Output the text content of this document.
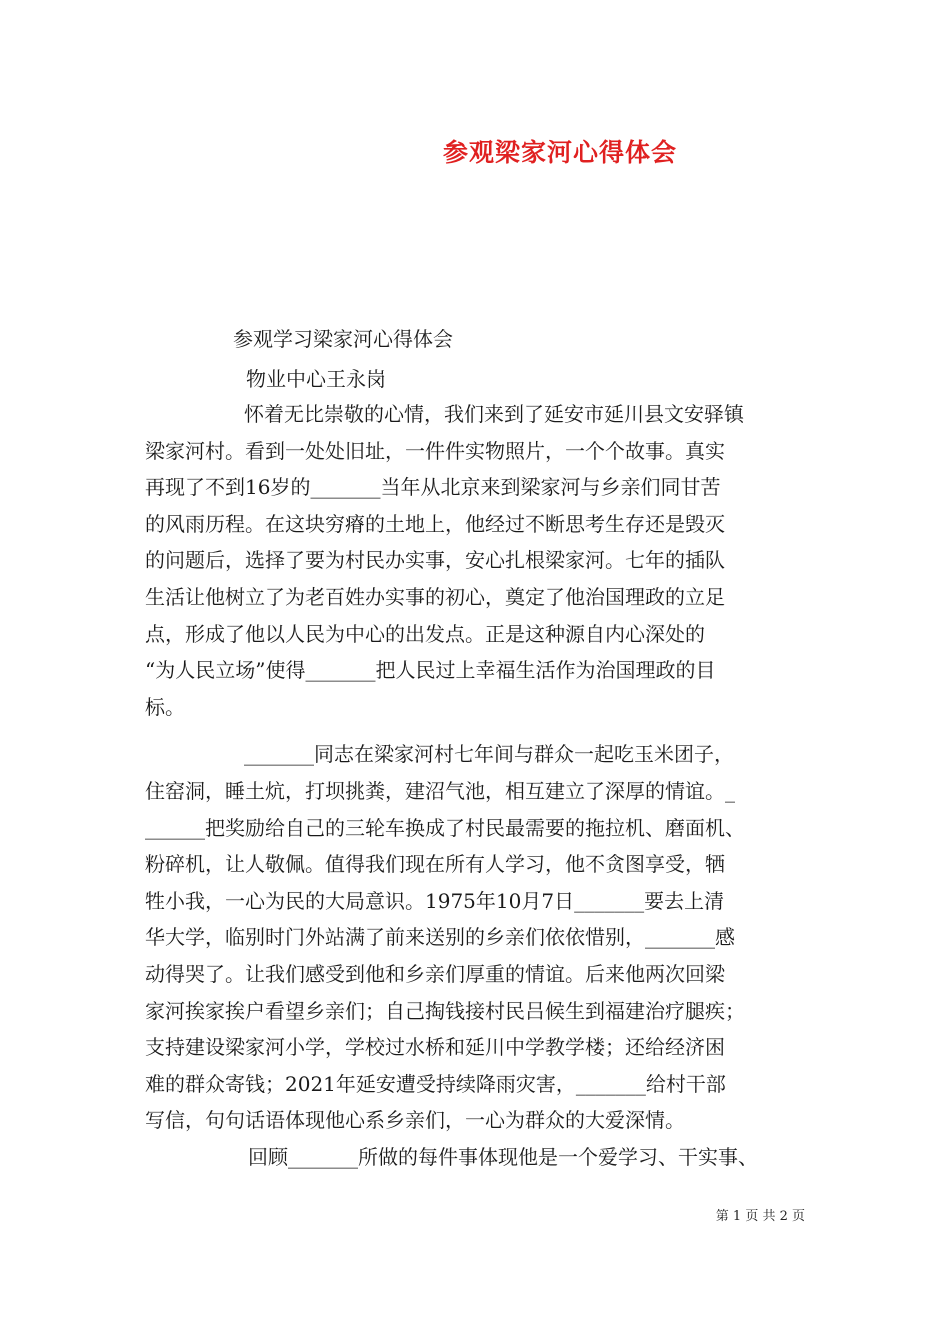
参观梁家河心得体会
参观学习梁家河心得体会
物业中心王永岗
怀着无比崇敬的心情，我们来到了延安市延川县文安驿镇
梁家河村。看到一处处旧址，一件件实物照片，一个个故事。真实
再现了不到16岁的_______当年从北京来到梁家河与乡亲们同甘苦
的风雨历程。在这块穷瘠的土地上，他经过不断思考生存还是毁灭
的问题后，选择了要为村民办实事，安心扎根梁家河。七年的插队
生活让他树立了为老百姓办实事的初心，奠定了他治国理政的立足
点，形成了他以人民为中心的出发点。正是这种源自内心深处的
“为人民立场”使得_______把人民过上幸福生活作为治国理政的目
标。
_______同志在梁家河村七年间与群众一起吃玉米团子，
住窑洞，睡土炕，打坝挑粪，建沼气池，相互建立了深厚的情谊。_
______把奖励给自己的三轮车换成了村民最需要的拖拉机、磨面机、
粉碎机，让人敬佩。值得我们现在所有人学习，他不贪图享受，牺
牲小我，一心为民的大局意识。1975年10月7日_______要去上清
华大学，临别时门外站满了前来送别的乡亲们依依惜别，_______感
动得哭了。让我们感受到他和乡亲们厚重的情谊。后来他两次回梁
家河挨家挨户看望乡亲们；自己掏钱接村民吕候生到福建治疗腿疾；
支持建设梁家河小学，学校过水桥和延川中学教学楼；还给经济困
难的群众寄钱；2021年延安遭受持续降雨灾害，_______给村干部
写信，句句话语体现他心系乡亲们，一心为群众的大爱深情。
回顾_______所做的每件事体现他是一个爱学习、干实事、
第 1 页 共 2 页
